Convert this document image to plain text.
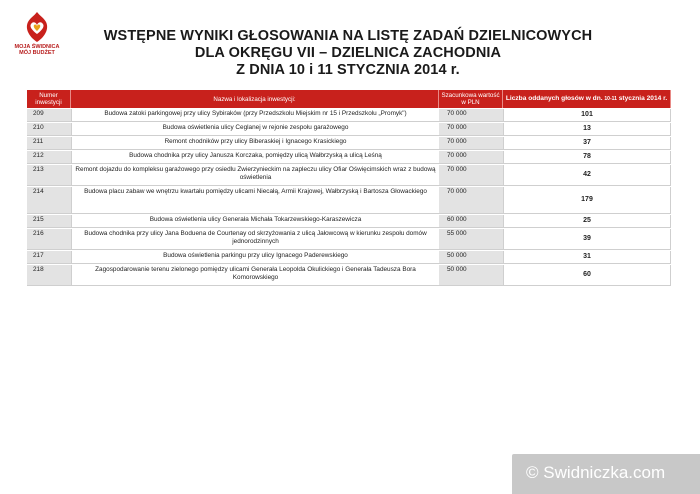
MOJA ŚWIDNICA
MÓJ BUDŻET
WSTĘPNE WYNIKI GŁOSOWANIA NA LISTĘ ZADAŃ DZIELNICOWYCH
DLA OKRĘGU VII – DZIELNICA ZACHODNIA
Z DNIA 10 i 11 STYCZNIA 2014 r.
Numer inwestycji	Nazwa i lokalizacja inwestycji:	Szacunkowa wartość w PLN	Liczba oddanych głosów w dn. 10-11 stycznia 2014 r.
209	Budowa zatoki parkingowej przy ulicy Sybiraków (przy Przedszkolu Miejskim nr 15 i Przedszkolu „Promyk")	70 000	101
210	Budowa oświetlenia ulicy Ceglanej w rejonie zespołu garażowego	70 000	13
211	Remont chodników przy ulicy Biberaskiej i Ignacego Krasickiego	70 000	37
212	Budowa chodnika przy ulicy Janusza Korczaka, pomiędzy ulicą Wałbrzyską a ulicą Leśną	70 000	78
213	Remont dojazdu do kompleksu garażowego przy osiedlu Zwierzynieckim na zapleczu ulicy Ofiar Oświęcimskich wraz z budową oświetlenia	70 000	42
214	Budowa placu zabaw we wnętrzu kwartału pomiędzy ulicami Niecałą, Armii Krajowej, Wałbrzyską i Bartosza Głowackiego	70 000	179
215	Budowa oświetlenia ulicy Generała Michała Tokarzewskiego-Karaszewicza	60 000	25
216	Budowa chodnika przy ulicy Jana Boduena de Courtenay od skrzyżowania z ulicą Jałowcową w kierunku zespołu domów jednorodzinnych	55 000	39
217	Budowa oświetlenia parkingu przy ulicy Ignacego Paderewskiego	50 000	31
218	Zagospodarowanie terenu zielonego pomiędzy ulicami Generała Leopolda Okulickiego i Generała Tadeusza Bora Komorowskiego	50 000	60
© Swidniczka.com
